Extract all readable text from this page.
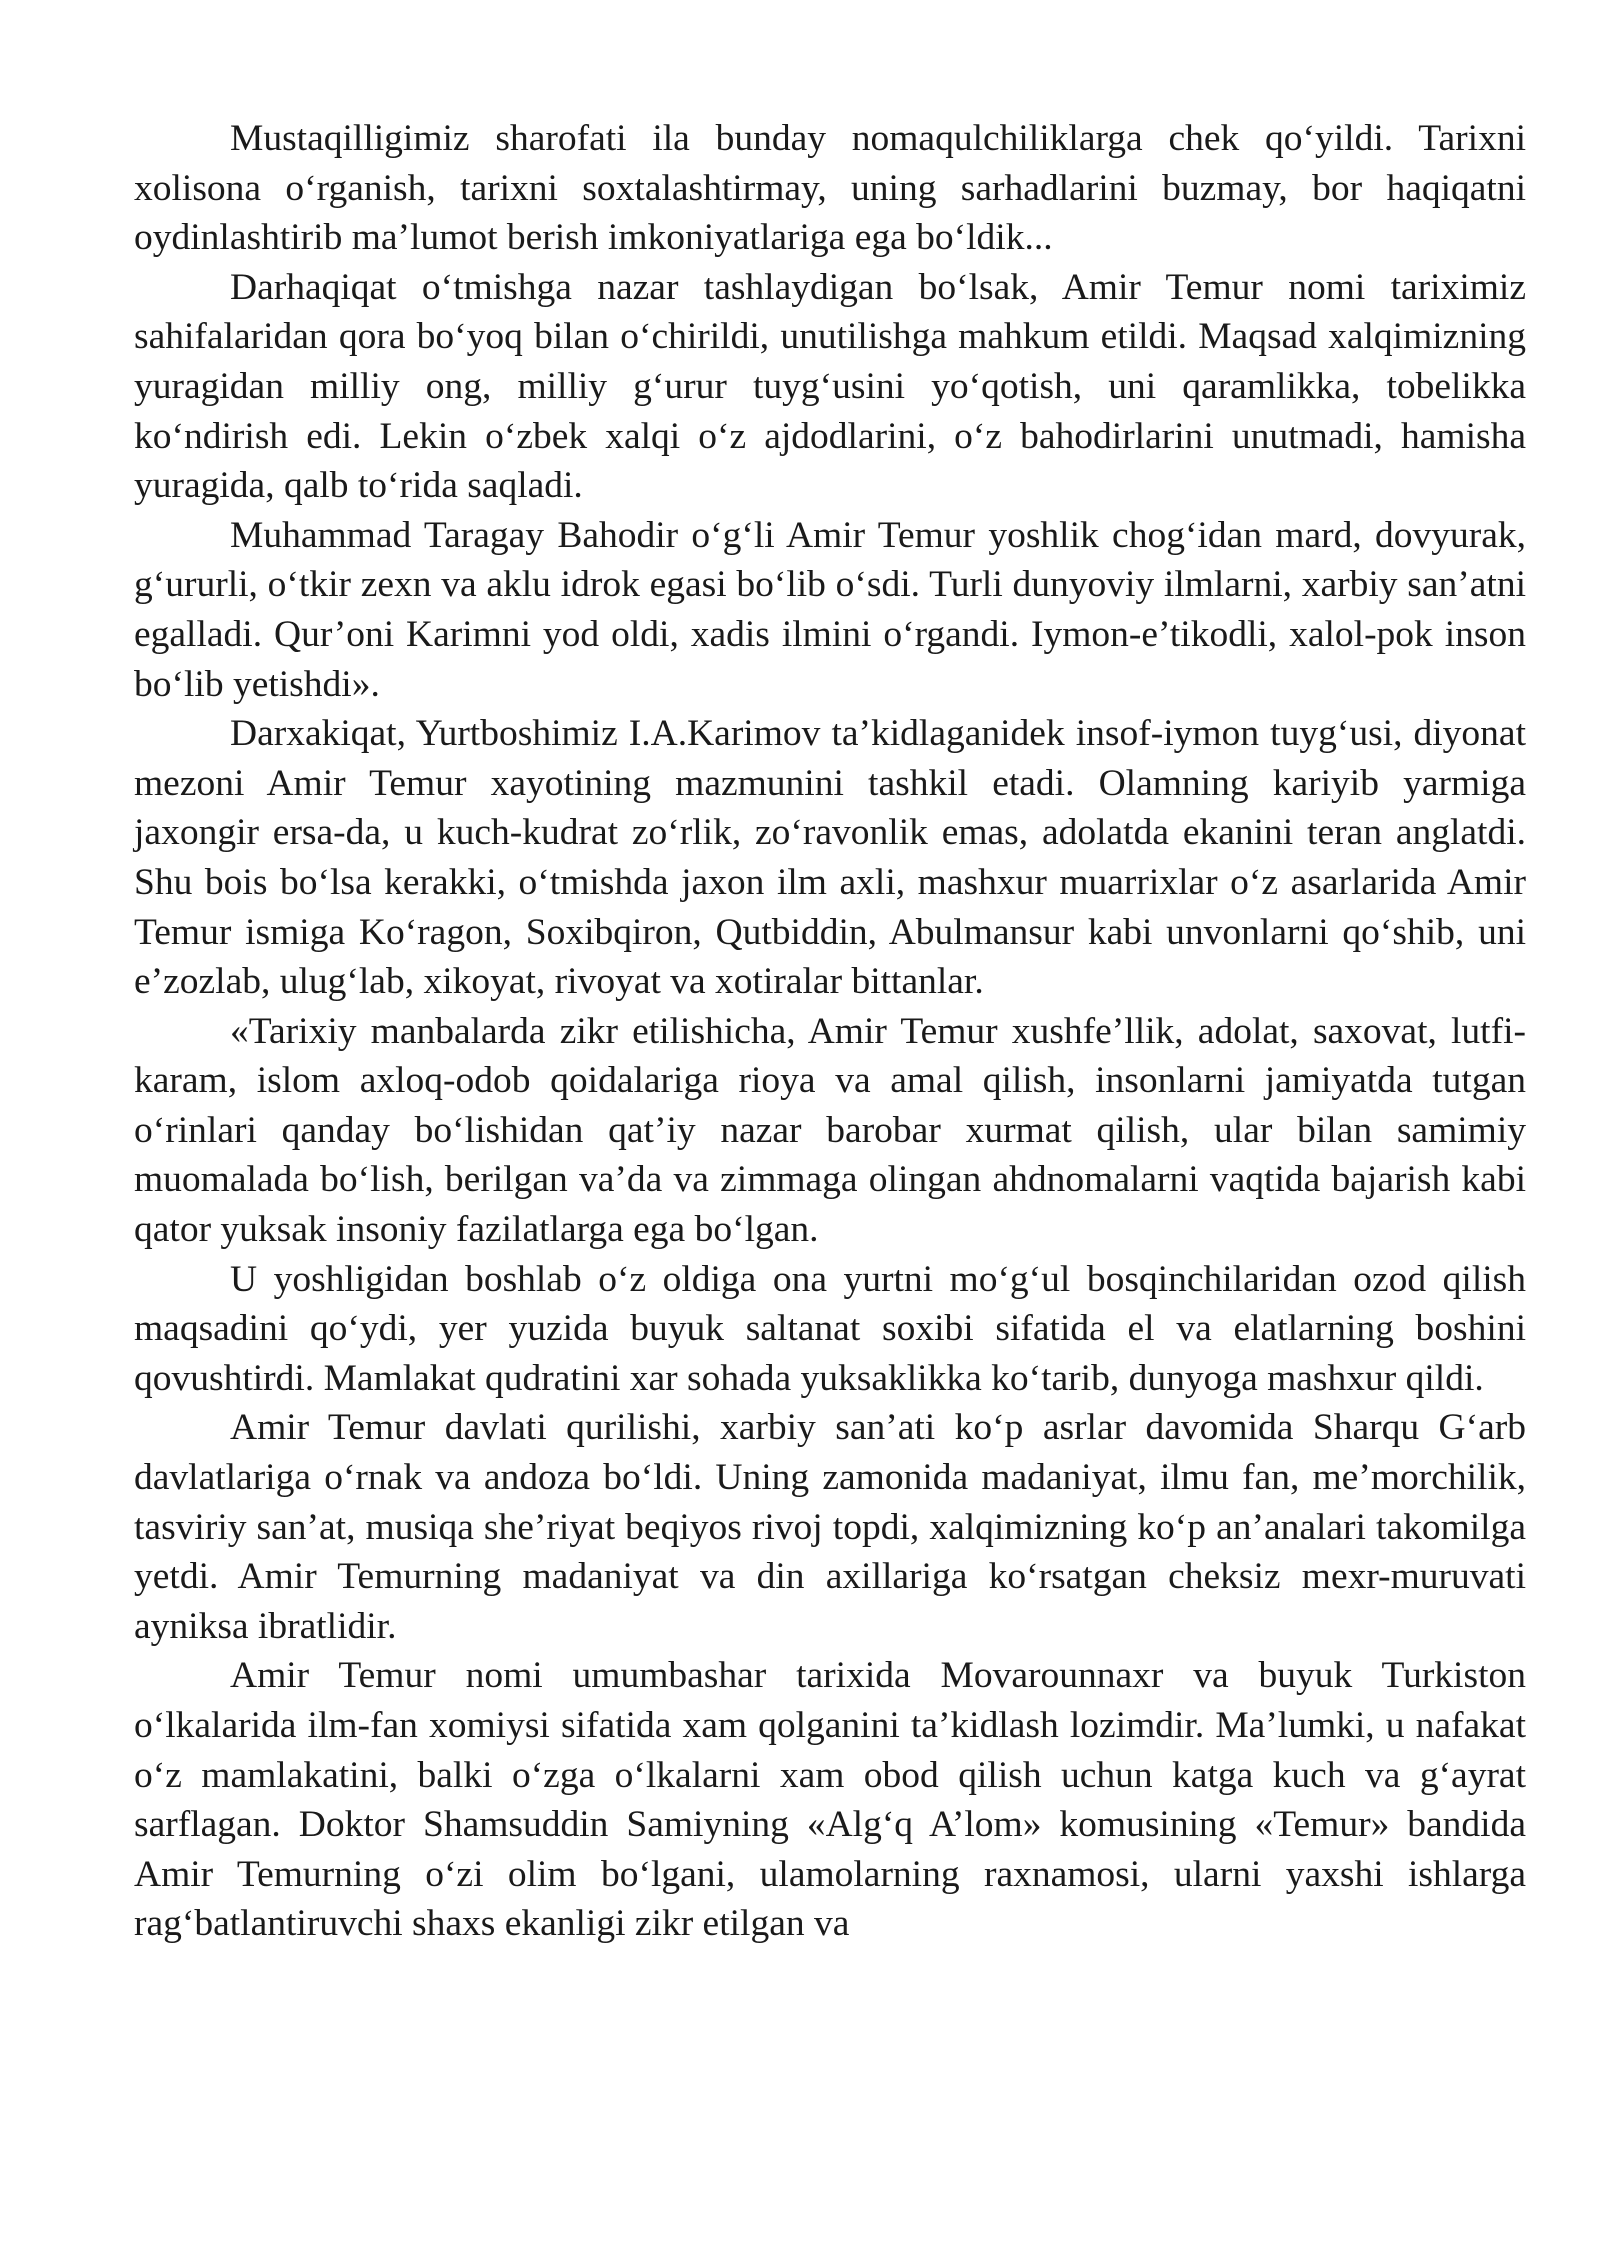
Mustaqilligimiz sharofati ila bunday nomaqulchiliklarga chek qo‘yildi. Tarixni xolisona o‘rganish, tarixni soxtalashtirmay, uning sarhadlarini buzmay, bor haqiqatni oydinlashtirib ma’lumot berish imkoniyatlariga ega bo‘ldik...

Darhaqiqat o‘tmishga nazar tashlaydigan bo‘lsak, Amir Temur nomi tariximiz sahifalaridan qora bo‘yoq bilan o‘chirildi, unutilishga mahkum etildi. Maqsad xalqimizning yuragidan milliy ong, milliy g‘urur tuyg‘usini yo‘qotish, uni qaramlikka, tobelikka ko‘ndirish edi. Lekin o‘zbek xalqi o‘z ajdodlarini, o‘z bahodirlarini unutmadi, hamisha yuragida, qalb to‘rida saqladi.

Muhammad Taragay Bahodir o‘g‘li Amir Temur yoshlik chog‘idan mard, dovyurak, g‘ururli, o‘tkir zexn va aklu idrok egasi bo‘lib o‘sdi. Turli dunyoviy ilmlarni, xarbiy san’atni egalladi. Qur’oni Karimni yod oldi, xadis ilmini o‘rgandi. Iymon-e’tikodli, xalol-pok inson bo‘lib yetishdi».

Darxakiqat, Yurtboshimiz I.A.Karimov ta’kidlaganidek insof-iymon tuyg‘usi, diyonat mezoni Amir Temur xayotining mazmunini tashkil etadi. Olamning kariyib yarmiga jaxongir ersa-da, u kuch-kudrat zo‘rlik, zo‘ravonlik emas, adolatda ekanini teran anglatdi. Shu bois bo‘lsa kerakki, o‘tmishda jaxon ilm axli, mashxur muarrixlar o‘z asarlarida Amir Temur ismiga Ko‘ragon, Soxibqiron, Qutbiddin, Abulmansur kabi unvonlarni qo‘shib, uni e’zozlab, ulug‘lab, xikoyat, rivoyat va xotiralar bittanlar.

«Tarixiy manbalarda zikr etilishicha, Amir Temur xushfe’llik, adolat, saxovat, lutfi-karam, islom axloq-odob qoidalariga rioya va amal qilish, insonlarni jamiyatda tutgan o‘rinlari qanday bo‘lishidan qat’iy nazar barobar xurmat qilish, ular bilan samimiy muomalada bo‘lish, berilgan va’da va zimmaga olingan ahdnomalarni vaqtida bajarish kabi qator yuksak insoniy fazilatlarga ega bo‘lgan.

U yoshligidan boshlab o‘z oldiga ona yurtni mo‘g‘ul bosqinchilaridan ozod qilish maqsadini qo‘ydi, yer yuzida buyuk saltanat soxibi sifatida el va elatlarning boshini qovushtirdi. Mamlakat qudratini xar sohada yuksaklikka ko‘tarib, dunyoga mashxur qildi.

Amir Temur davlati qurilishi, xarbiy san’ati ko‘p asrlar davomida Sharqu G‘arb davlatlariga o‘rnak va andoza bo‘ldi. Uning zamonida madaniyat, ilmu fan, me’morchilik, tasviriy san’at, musiqa she’riyat beqiyos rivoj topdi, xalqimizning ko‘p an’analari takomilga yetdi. Amir Temurning madaniyat va din axillariga ko‘rsatgan cheksiz mexr-muruvati ayniksa ibratlidir.

Amir Temur nomi umumbashar tarixida Movarounnaxr va buyuk Turkiston o‘lkalarida ilm-fan xomiysi sifatida xam qolganini ta’kidlash lozimdir. Ma’lumki, u nafakat o‘z mamlakatini, balki o‘zga o‘lkalarni xam obod qilish uchun katga kuch va g‘ayrat sarflagan. Doktor Shamsuddin Samiyning «Alg‘q A’lom» komusining «Temur» bandida Amir Temurning o‘zi olim bo‘lgani, ulamolarning raxnamosi, ularni yaxshi ishlarga rag‘batlantiruvchi shaxs ekanligi zikr etilgan va
